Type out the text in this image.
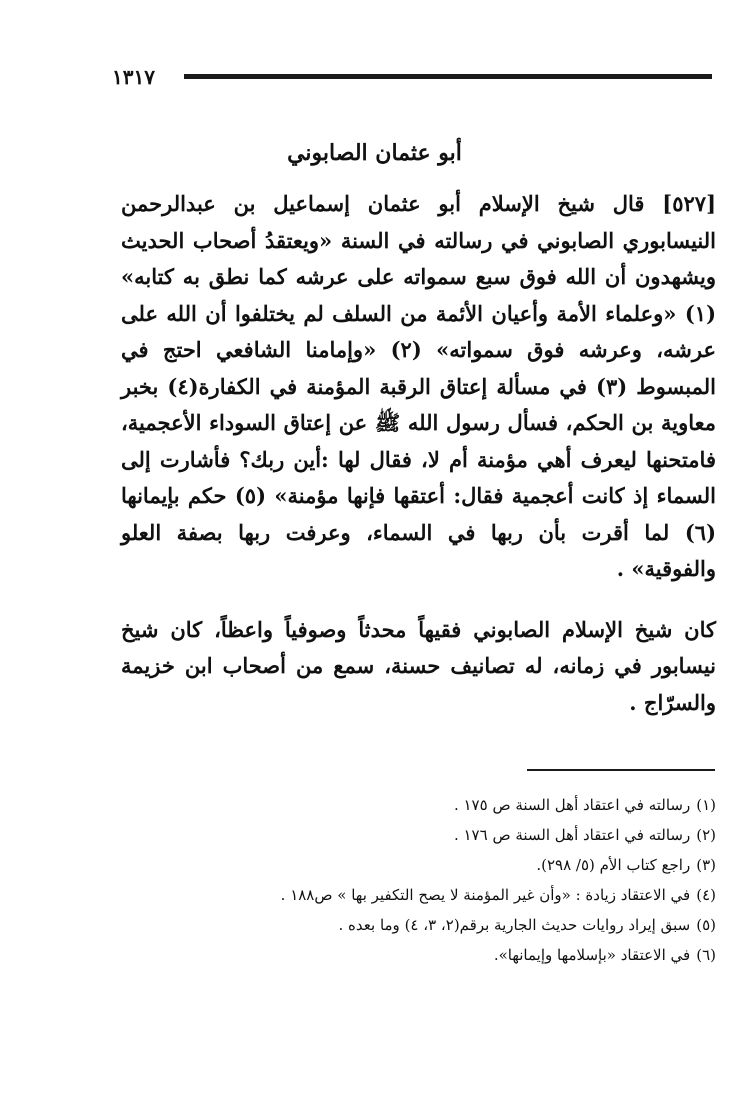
١٣١٧
أبو عثمان الصابوني

[٥٢٧] قال شيخ الإسلام أبو عثمان إسماعيل بن عبدالرحمن النيسابوري الصابوني في رسالته في السنة «ويعتقدُ أصحاب الحديث ويشهدون أن الله فوق سبع سمواته على عرشه كما نطق به كتابه» (١) «وعلماء الأمة وأعيان الأئمة من السلف لم يختلفوا أن الله على عرشه، وعرشه فوق سمواته» (٢) «وإمامنا الشافعي احتج في المبسوط (٣) في مسألة إعتاق الرقبة المؤمنة في الكفارة(٤) بخبر معاوية بن الحكم، فسأل رسول الله ﷺ عن إعتاق السوداء الأعجمية، فامتحنها ليعرف أهي مؤمنة أم لا، فقال لها :أين ربك؟ فأشارت إلى السماء إذ كانت أعجمية فقال: أعتقها فإنها مؤمنة» (٥) حكم بإيمانها (٦) لما أقرت بأن ربها في السماء، وعرفت ربها بصفة العلو والفوقية» .

كان شيخ الإسلام الصابوني فقيهاً محدثاً وصوفياً واعظاً، كان شيخ نيسابور في زمانه، له تصانيف حسنة، سمع من أصحاب ابن خزيمة والسرّاج .

(١)رسالته في اعتقاد أهل السنة ص ١٧٥ .
(٢)رسالته في اعتقاد أهل السنة ص ١٧٦ .
(٣)راجع كتاب الأم (٥/ ٢٩٨).
(٤)في الاعتقاد زيادة : «وأن غير المؤمنة لا يصح التكفير بها » ص١٨٨ .
(٥)سبق إيراد روايات حديث الجارية برقم(٢، ٣، ٤) وما بعده .
(٦)في الاعتقاد «بإسلامها وإيمانها».
